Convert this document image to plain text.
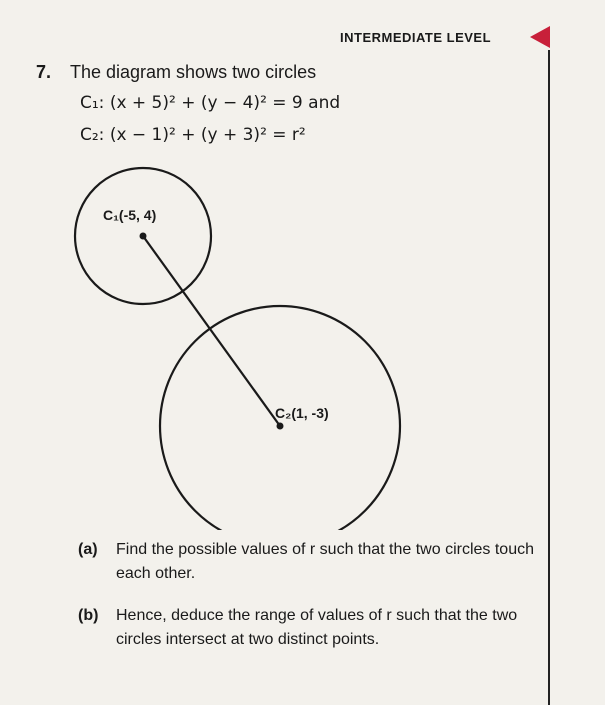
INTERMEDIATE LEVEL
7. The diagram shows two circles
C₁: (x + 5)² + (y − 4)² = 9 and
C₂: (x − 1)² + (y + 3)² = r²
C₁(-5, 4)
C₂(1, -3)
(a) Find the possible values of r such that the two circles touch each other.
(b) Hence, deduce the range of values of r such that the two circles intersect at two distinct points.
